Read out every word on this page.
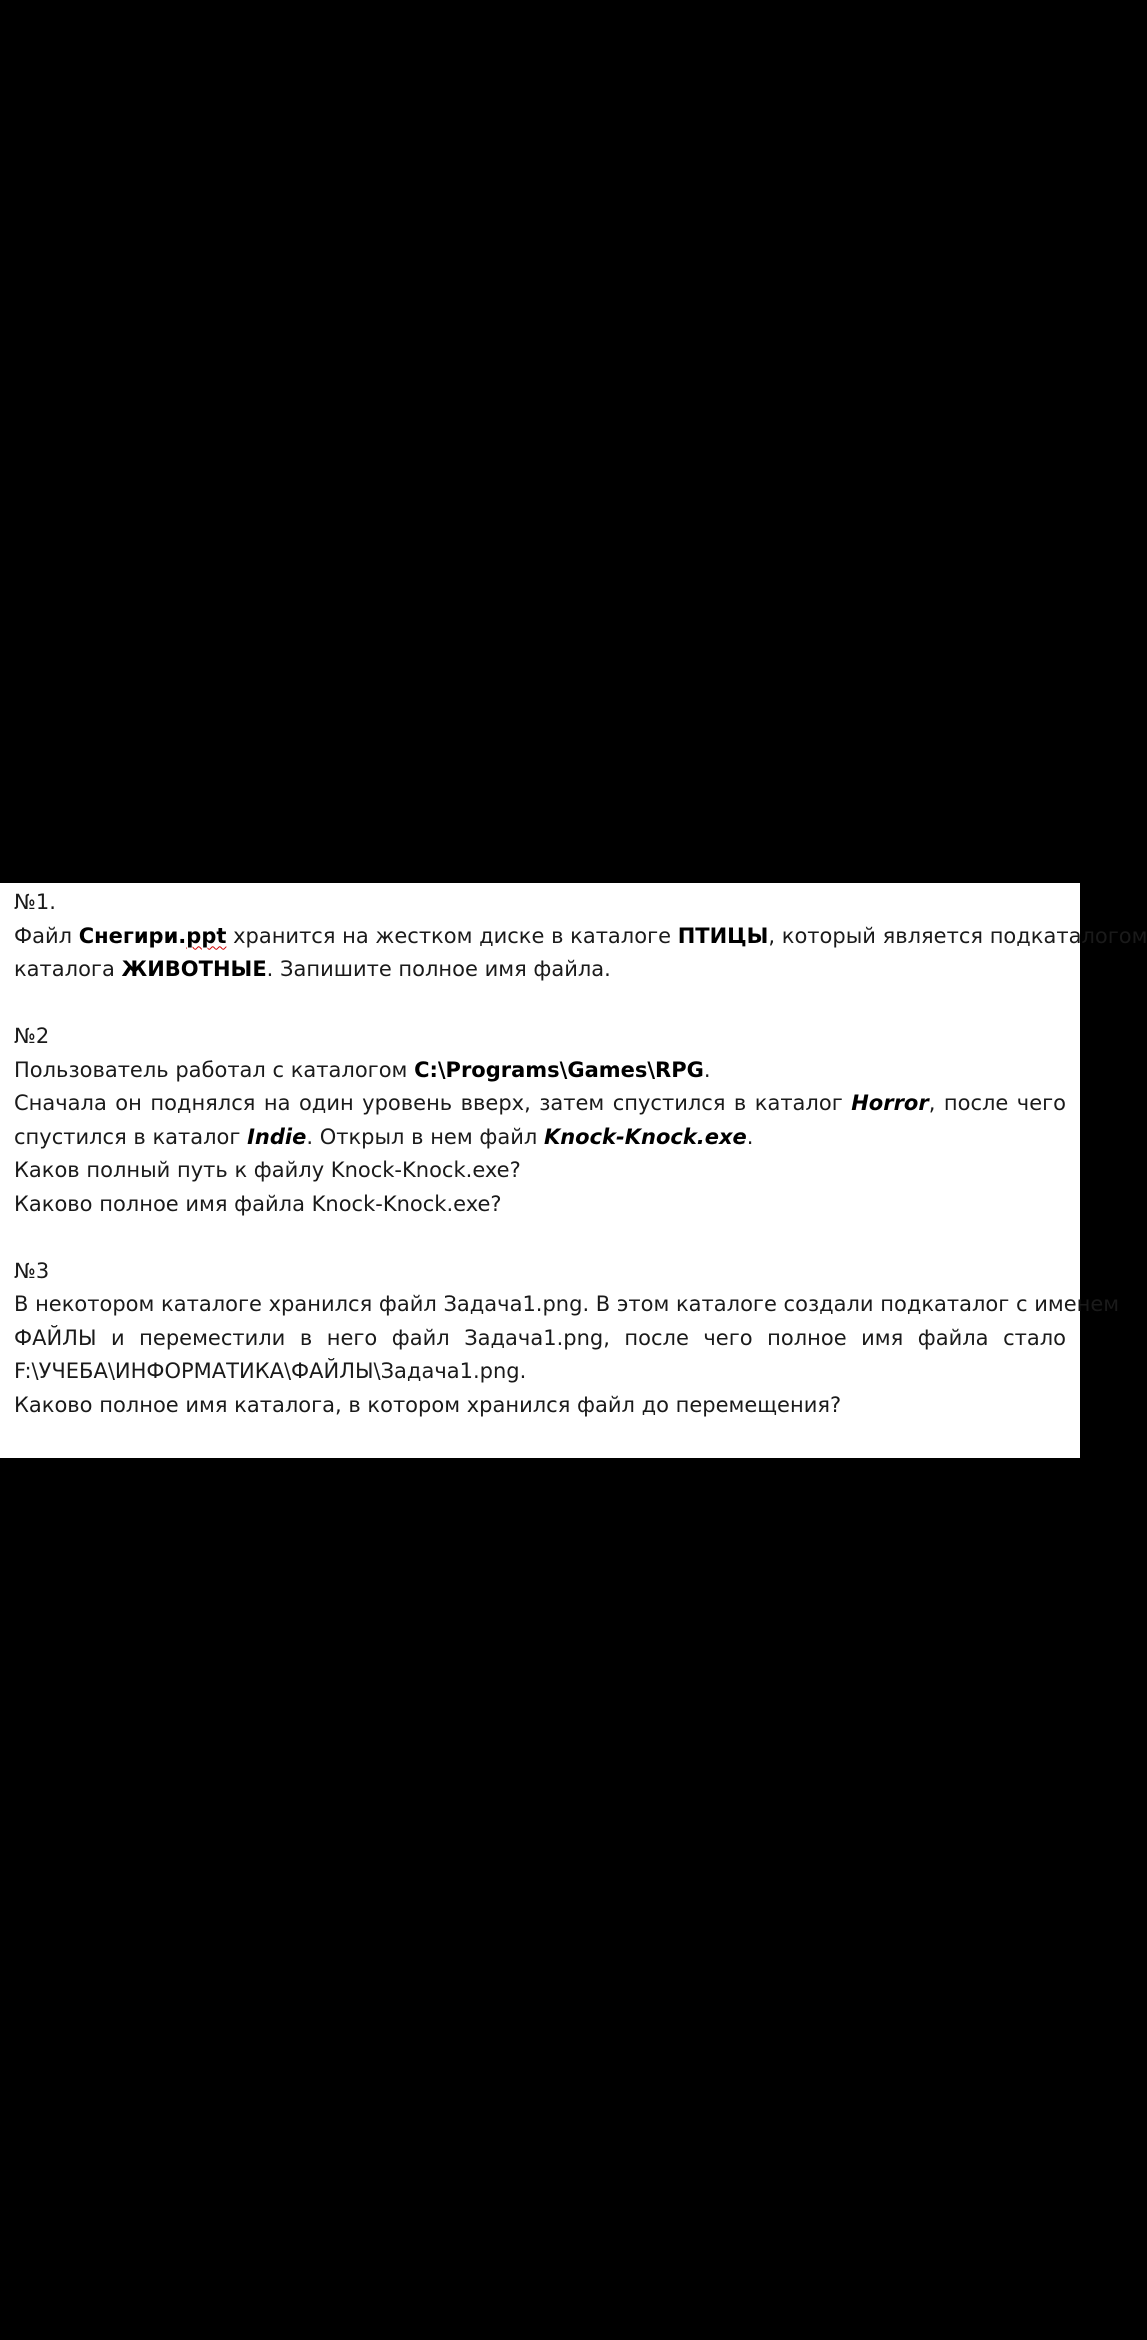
№1.
Файл Снегири.ppt хранится на жестком диске в каталоге ПТИЦЫ, который является подкаталогом
каталога ЖИВОТНЫЕ. Запишите полное имя файла.
№2
Пользователь работал с каталогом C:\Programs\Games\RPG.
Сначала он поднялся на один уровень вверх, затем спустился в каталог Horror, после чего
спустился в каталог Indie. Открыл в нем файл Knock-Knock.exe.
Каков полный путь к файлу Knock-Knock.exe?
Каково полное имя файла Knock-Knock.exe?
№3
В некотором каталоге хранился файл Задача1.png. В этом каталоге создали подкаталог с именем
ФАЙЛЫ и переместили в него файл Задача1.png, после чего полное имя файла стало
F:\УЧЕБА\ИНФОРМАТИКА\ФАЙЛЫ\Задача1.png.
Каково полное имя каталога, в котором хранился файл до перемещения?
